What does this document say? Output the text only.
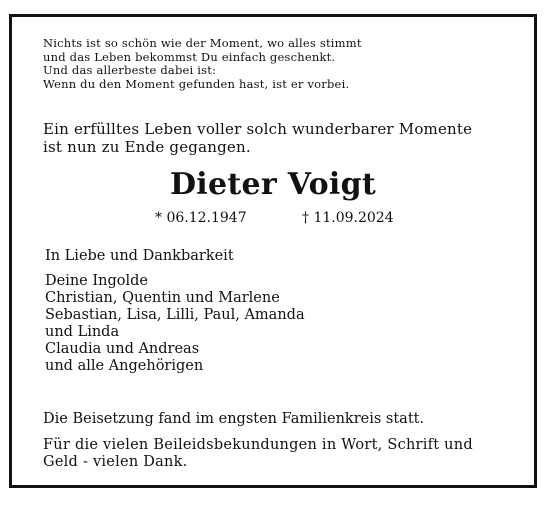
Nichts ist so schön wie der Moment, wo alles stimmt
und das Leben bekommst Du einfach geschenkt.
Und das allerbeste dabei ist:
Wenn du den Moment gefunden hast, ist er vorbei.
Ein erfülltes Leben voller solch wunderbarer Momente
ist nun zu Ende gegangen.
Dieter Voigt
* 06.12.1947	† 11.09.2024
In Liebe und Dankbarkeit
Deine Ingolde
Christian, Quentin und Marlene
Sebastian, Lisa, Lilli, Paul, Amanda
und Linda
Claudia und Andreas
und alle Angehörigen
Die Beisetzung fand im engsten Familienkreis statt.
Für die vielen Beileidsbekundungen in Wort, Schrift und
Geld - vielen Dank.
